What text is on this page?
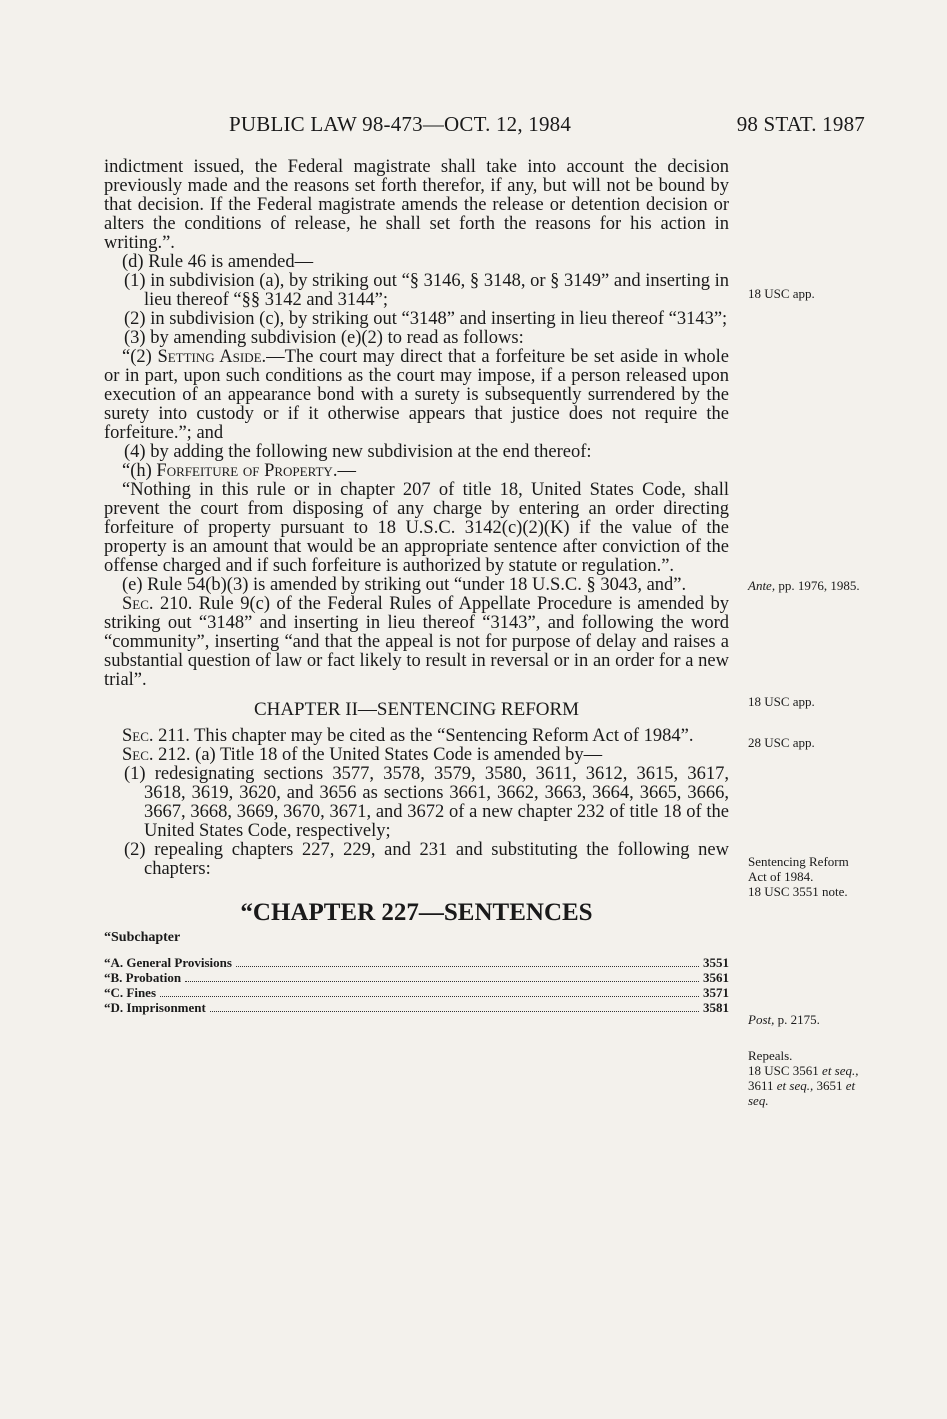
PUBLIC LAW 98-473—OCT. 12, 1984	98 STAT. 1987

indictment issued, the Federal magistrate shall take into account the decision previously made and the reasons set forth therefor, if any, but will not be bound by that decision. If the Federal magistrate amends the release or detention decision or alters the conditions of release, he shall set forth the reasons for his action in writing.”.

(d) Rule 46 is amended—

(1) in subdivision (a), by striking out “§ 3146, § 3148, or § 3149” and inserting in lieu thereof “§§ 3142 and 3144”;

(2) in subdivision (c), by striking out “3148” and inserting in lieu thereof “3143”;

(3) by amending subdivision (e)(2) to read as follows:

“(2) Setting Aside.—The court may direct that a forfeiture be set aside in whole or in part, upon such conditions as the court may impose, if a person released upon execution of an appearance bond with a surety is subsequently surrendered by the surety into custody or if it otherwise appears that justice does not require the forfeiture.”; and

(4) by adding the following new subdivision at the end thereof:

“(h) Forfeiture of Property.—

“Nothing in this rule or in chapter 207 of title 18, United States Code, shall prevent the court from disposing of any charge by entering an order directing forfeiture of property pursuant to 18 U.S.C. 3142(c)(2)(K) if the value of the property is an amount that would be an appropriate sentence after conviction of the offense charged and if such forfeiture is authorized by statute or regulation.”.

(e) Rule 54(b)(3) is amended by striking out “under 18 U.S.C. § 3043, and”.

Sec. 210. Rule 9(c) of the Federal Rules of Appellate Procedure is amended by striking out “3148” and inserting in lieu thereof “3143”, and following the word “community”, inserting “and that the appeal is not for purpose of delay and raises a substantial question of law or fact likely to result in reversal or in an order for a new trial”.

CHAPTER II—SENTENCING REFORM

Sec. 211. This chapter may be cited as the “Sentencing Reform Act of 1984”.

Sec. 212. (a) Title 18 of the United States Code is amended by—

(1) redesignating sections 3577, 3578, 3579, 3580, 3611, 3612, 3615, 3617, 3618, 3619, 3620, and 3656 as sections 3661, 3662, 3663, 3664, 3665, 3666, 3667, 3668, 3669, 3670, 3671, and 3672 of a new chapter 232 of title 18 of the United States Code, respectively;

(2) repealing chapters 227, 229, and 231 and substituting the following new chapters:

“CHAPTER 227—SENTENCES

“Subchapter

“A. General Provisions	3551
“B. Probation	3561
“C. Fines	3571
“D. Imprisonment	3581

18 USC app.

Ante, pp. 1976, 1985.

18 USC app.

28 USC app.

Sentencing Reform Act of 1984.

18 USC 3551 note.

Post, p. 2175.

Repeals.

18 USC 3561 et seq., 3611 et seq., 3651 et seq.
